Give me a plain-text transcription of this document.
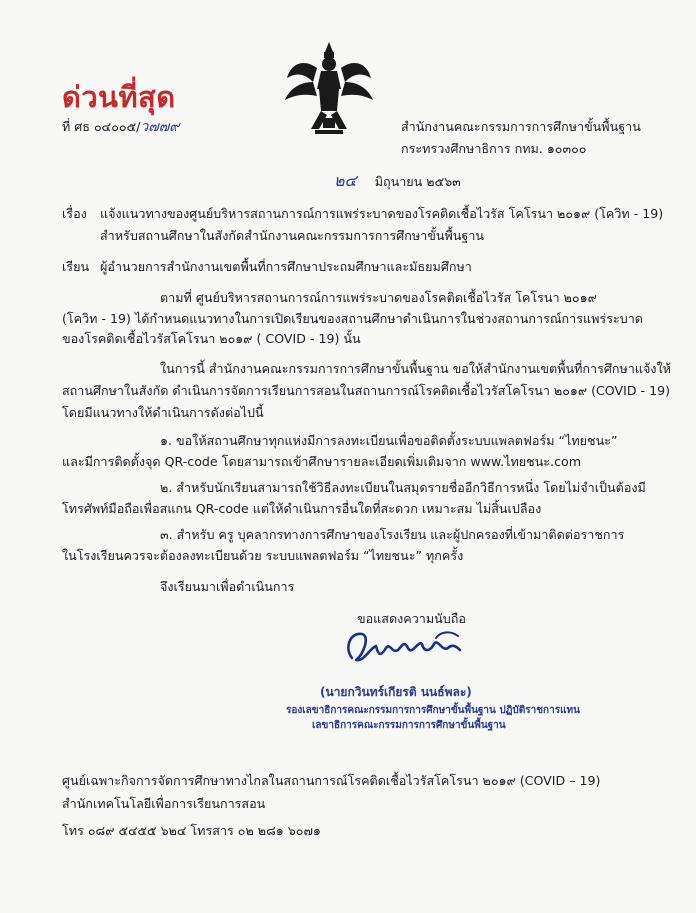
ด่วนที่สุด
ที่ ศธ ๐๔๐๐๕/ว๗๗๙	สำนักงานคณะกรรมการการศึกษาขั้นพื้นฐาน
กระทรวงศึกษาธิการ กทม. ๑๐๓๐๐
๒๔ มิถุนายน ๒๕๖๓
เรื่อง แจ้งแนวทางของศูนย์บริหารสถานการณ์การแพร่ระบาดของโรคติดเชื้อไวรัส โคโรนา ๒๐๑๙ (โควิท - 19)
สำหรับสถานศึกษาในสังกัดสำนักงานคณะกรรมการการศึกษาขั้นพื้นฐาน
เรียน ผู้อำนวยการสำนักงานเขตพื้นที่การศึกษาประถมศึกษาและมัธยมศึกษา
ตามที่ ศูนย์บริหารสถานการณ์การแพร่ระบาดของโรคติดเชื้อไวรัส โคโรนา ๒๐๑๙
(โควิท - 19) ได้กำหนดแนวทางในการเปิดเรียนของสถานศึกษาดำเนินการในช่วงสถานการณ์การแพร่ระบาด
ของโรคติดเชื้อไวรัสโคโรนา ๒๐๑๙ ( COVID - 19) นั้น
ในการนี้ สำนักงานคณะกรรมการการศึกษาขั้นพื้นฐาน ขอให้สำนักงานเขตพื้นที่การศึกษาแจ้งให้
สถานศึกษาในสังกัด ดำเนินการจัดการเรียนการสอนในสถานการณ์โรคติดเชื้อไวรัสโคโรนา ๒๐๑๙ (COVID - 19)
โดยมีแนวทางให้ดำเนินการดังต่อไปนี้
๑. ขอให้สถานศึกษาทุกแห่งมีการลงทะเบียนเพื่อขอติดตั้งระบบแพลตฟอร์ม “ไทยชนะ”
และมีการติดตั้งจุด QR-code โดยสามารถเข้าศึกษารายละเอียดเพิ่มเติมจาก www.ไทยชนะ.com
๒. สำหรับนักเรียนสามารถใช้วิธีลงทะเบียนในสมุดรายชื่ออีกวิธีการหนึ่ง โดยไม่จำเป็นต้องมี
โทรศัพท์มือถือเพื่อสแกน QR-code แต่ให้ดำเนินการอื่นใดที่สะดวก เหมาะสม ไม่สิ้นเปลือง
๓. สำหรับ ครู บุคลากรทางการศึกษาของโรงเรียน และผู้ปกครองที่เข้ามาติดต่อราชการ
ในโรงเรียนควรจะต้องลงทะเบียนด้วย ระบบแพลตฟอร์ม “ไทยชนะ” ทุกครั้ง
จึงเรียนมาเพื่อดำเนินการ
ขอแสดงความนับถือ
(นายกวินทร์เกียรติ นนธ์พละ)
รองเลขาธิการคณะกรรมการการศึกษาขั้นพื้นฐาน ปฏิบัติราชการแทน
เลขาธิการคณะกรรมการการศึกษาขั้นพื้นฐาน
ศูนย์เฉพาะกิจการจัดการศึกษาทางไกลในสถานการณ์โรคติดเชื้อไวรัสโคโรนา ๒๐๑๙ (COVID – 19)
สำนักเทคโนโลยีเพื่อการเรียนการสอน
โทร ๐๘๙ ๕๔๕๕ ๖๒๔ โทรสาร ๐๒ ๒๘๑ ๖๐๗๑
